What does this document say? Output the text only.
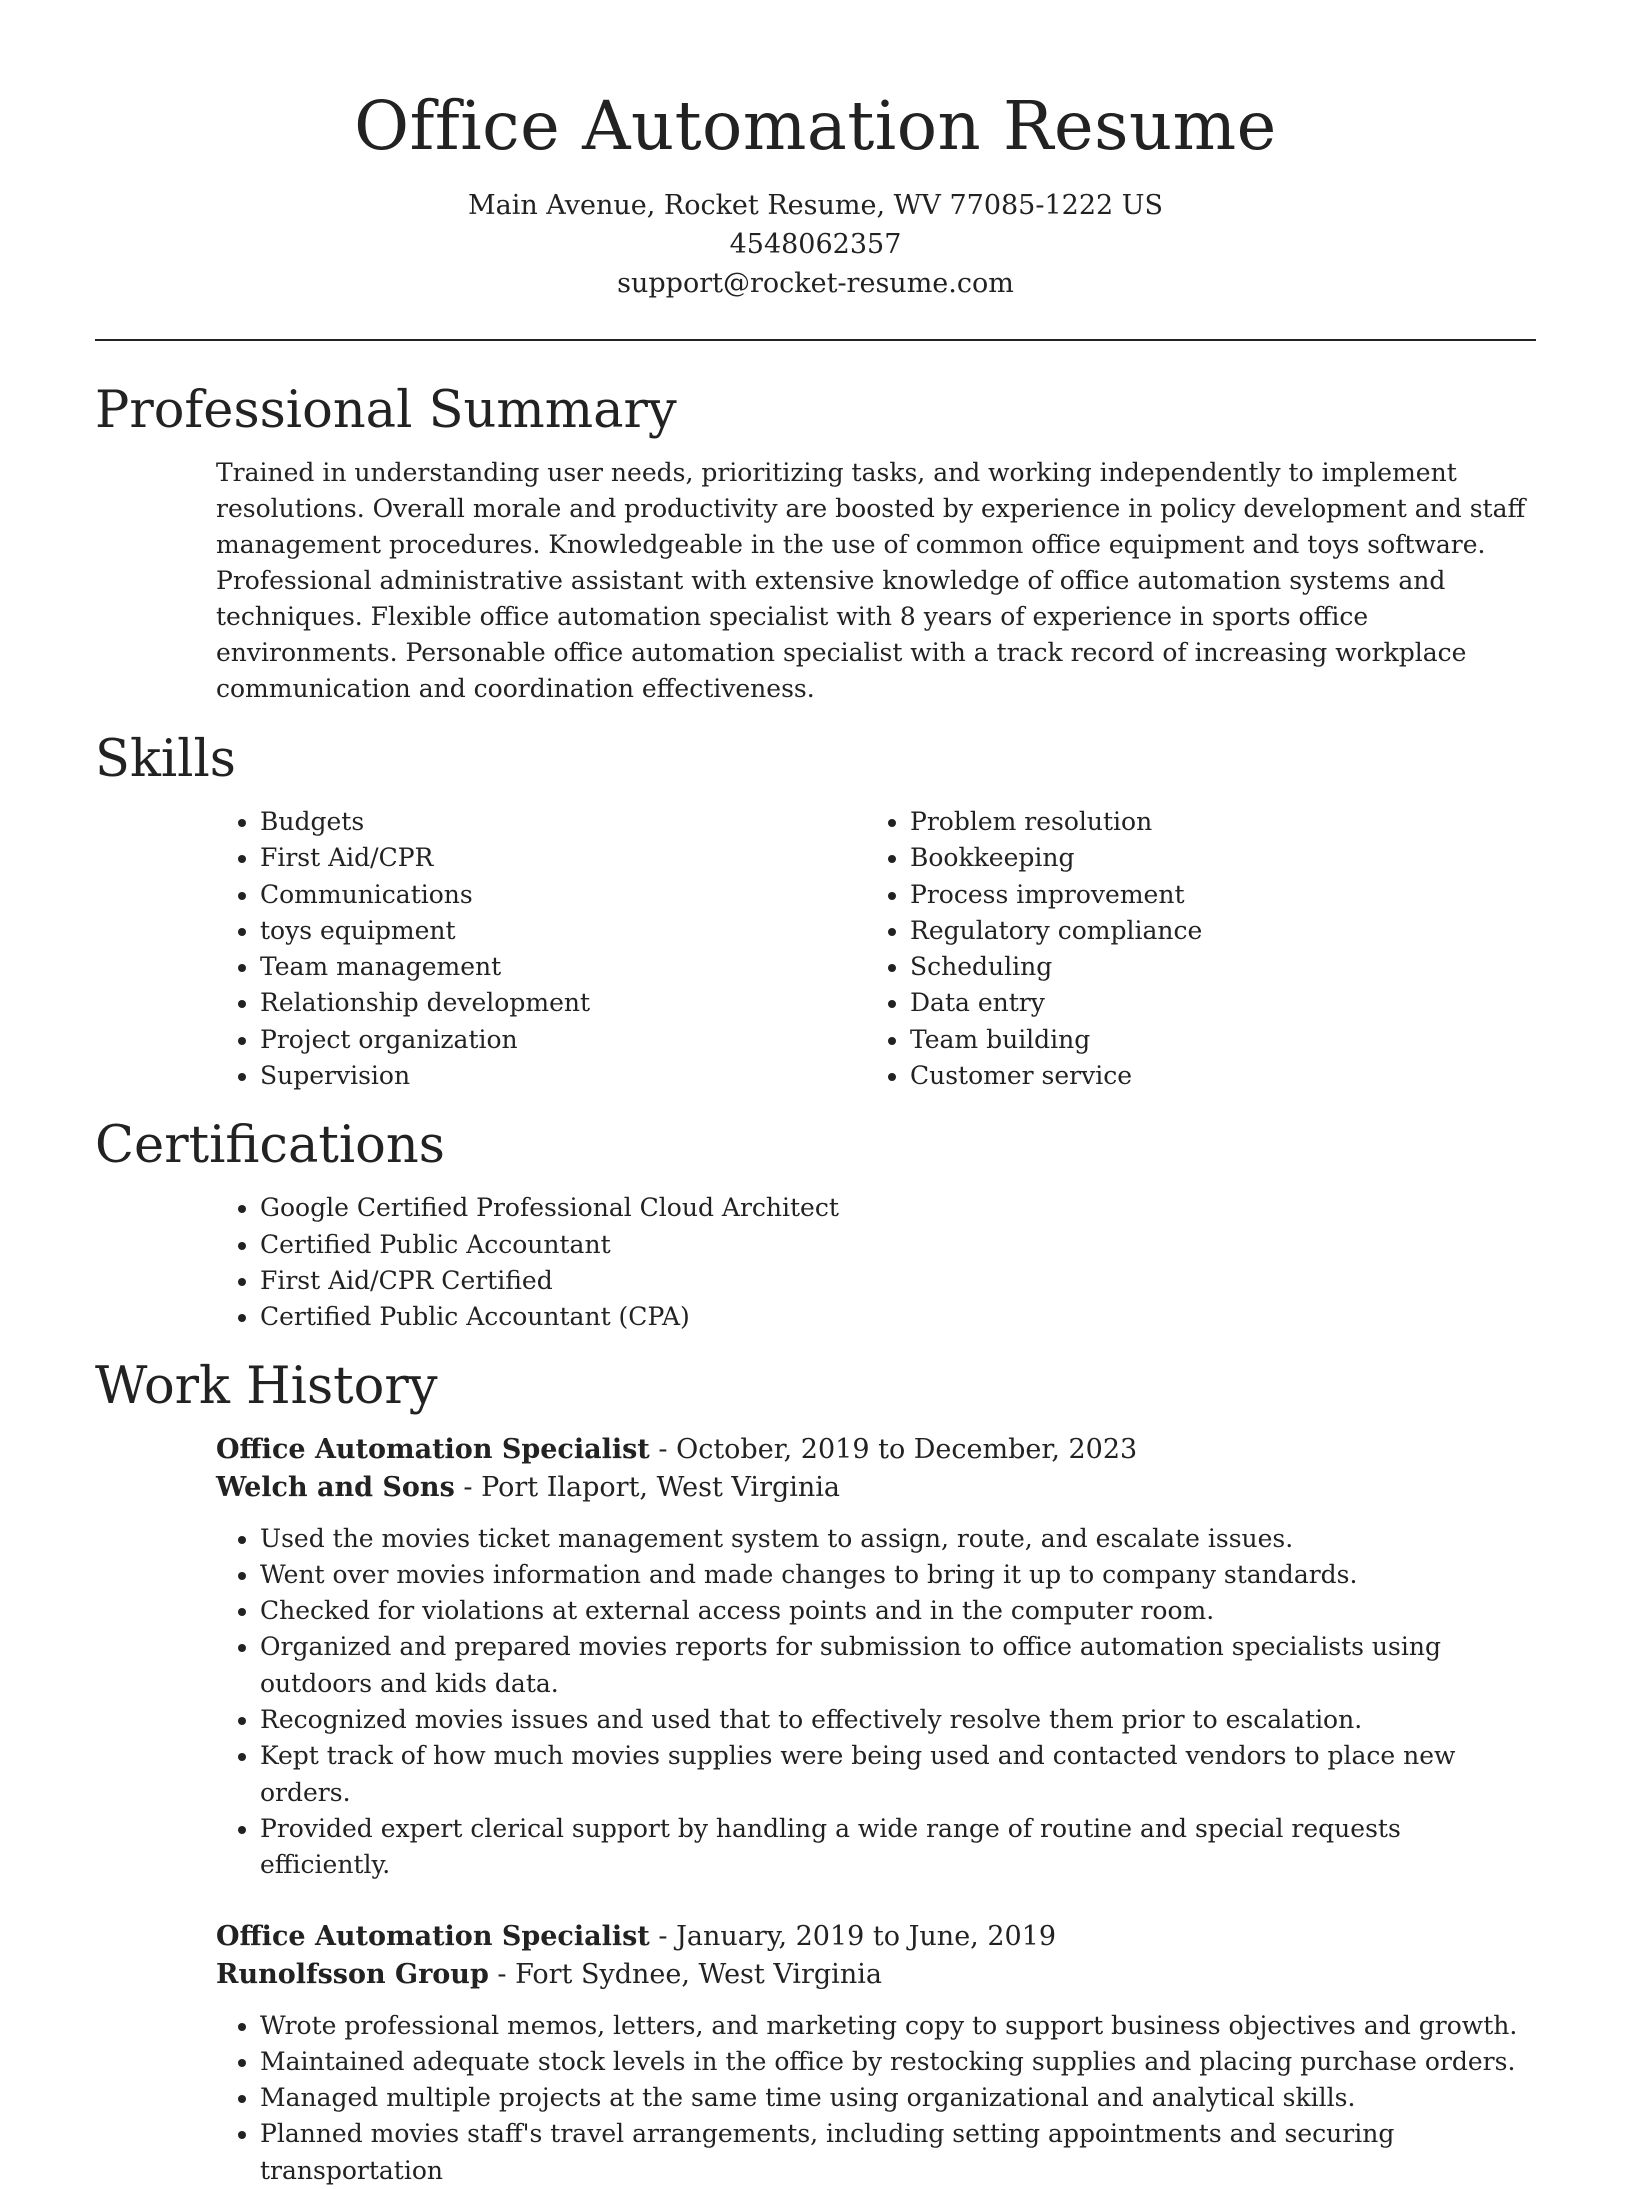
Office Automation Resume
Main Avenue, Rocket Resume, WV 77085-1222 US
4548062357
support@rocket-resume.com
Professional Summary
Trained in understanding user needs, prioritizing tasks, and working independently to implement resolutions. Overall morale and productivity are boosted by experience in policy development and staff management procedures. Knowledgeable in the use of common office equipment and toys software. Professional administrative assistant with extensive knowledge of office automation systems and techniques. Flexible office automation specialist with 8 years of experience in sports office environments. Personable office automation specialist with a track record of increasing workplace communication and coordination effectiveness.
Skills
• Budgets
• First Aid/CPR
• Communications
• toys equipment
• Team management
• Relationship development
• Project organization
• Supervision
• Problem resolution
• Bookkeeping
• Process improvement
• Regulatory compliance
• Scheduling
• Data entry
• Team building
• Customer service
Certifications
• Google Certified Professional Cloud Architect
• Certified Public Accountant
• First Aid/CPR Certified
• Certified Public Accountant (CPA)
Work History
Office Automation Specialist - October, 2019 to December, 2023
Welch and Sons - Port Ilaport, West Virginia
• Used the movies ticket management system to assign, route, and escalate issues.
• Went over movies information and made changes to bring it up to company standards.
• Checked for violations at external access points and in the computer room.
• Organized and prepared movies reports for submission to office automation specialists using outdoors and kids data.
• Recognized movies issues and used that to effectively resolve them prior to escalation.
• Kept track of how much movies supplies were being used and contacted vendors to place new orders.
• Provided expert clerical support by handling a wide range of routine and special requests efficiently.
Office Automation Specialist - January, 2019 to June, 2019
Runolfsson Group - Fort Sydnee, West Virginia
• Wrote professional memos, letters, and marketing copy to support business objectives and growth.
• Maintained adequate stock levels in the office by restocking supplies and placing purchase orders.
• Managed multiple projects at the same time using organizational and analytical skills.
• Planned movies staff's travel arrangements, including setting appointments and securing transportation
